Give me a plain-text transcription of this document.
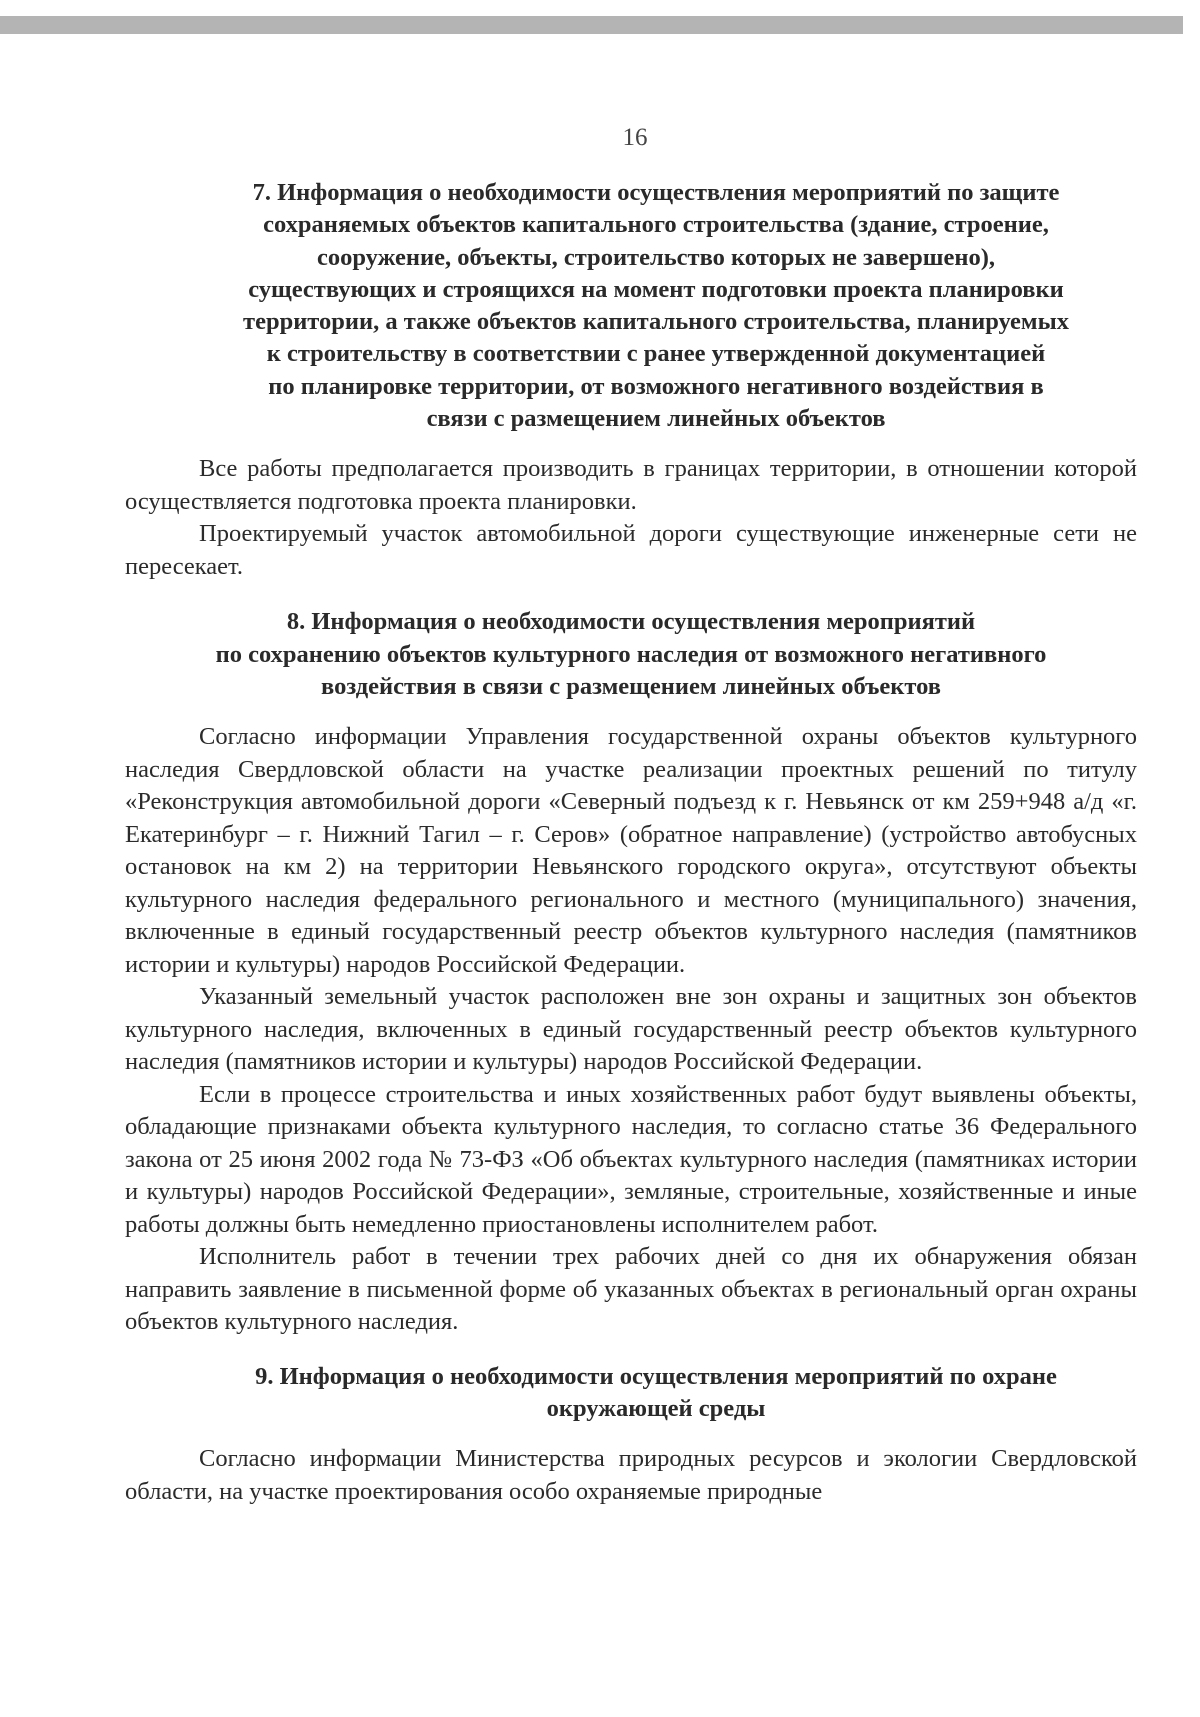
16
7. Информация о необходимости осуществления мероприятий по защите
сохраняемых объектов капитального строительства (здание, строение,
сооружение, объекты, строительство которых не завершено),
существующих и строящихся на момент подготовки проекта планировки
территории, а также объектов капитального строительства, планируемых
к строительству в соответствии с ранее утвержденной документацией
по планировке территории, от возможного негативного воздействия в
связи с размещением линейных объектов

Все работы предполагается производить в границах территории, в отношении которой осуществляется подготовка проекта планировки.

Проектируемый участок автомобильной дороги существующие инженерные сети не пересекает.

8. Информация о необходимости осуществления мероприятий
по сохранению объектов культурного наследия от возможного негативного
воздействия в связи с размещением линейных объектов

Согласно информации Управления государственной охраны объектов культурного наследия Свердловской области на участке реализации проектных решений по титулу «Реконструкция автомобильной дороги «Северный подъезд к г. Невьянск от км 259+948 а/д «г. Екатеринбург – г. Нижний Тагил – г. Серов» (обратное направление) (устройство автобусных остановок на км 2) на территории Невьянского городского округа», отсутствуют объекты культурного наследия федерального регионального и местного (муниципального) значения, включенные в единый государственный реестр объектов культурного наследия (памятников истории и культуры) народов Российской Федерации.

Указанный земельный участок расположен вне зон охраны и защитных зон объектов культурного наследия, включенных в единый государственный реестр объектов культурного наследия (памятников истории и культуры) народов Российской Федерации.

Если в процессе строительства и иных хозяйственных работ будут выявлены объекты, обладающие признаками объекта культурного наследия, то согласно статье 36 Федерального закона от 25 июня 2002 года № 73-ФЗ «Об объектах культурного наследия (памятниках истории и культуры) народов Российской Федерации», земляные, строительные, хозяйственные и иные работы должны быть немедленно приостановлены исполнителем работ.

Исполнитель работ в течении трех рабочих дней со дня их обнаружения обязан направить заявление в письменной форме об указанных объектах в региональный орган охраны объектов культурного наследия.

9. Информация о необходимости осуществления мероприятий по охране
окружающей среды

Согласно информации Министерства природных ресурсов и экологии Свердловской области, на участке проектирования особо охраняемые природные
